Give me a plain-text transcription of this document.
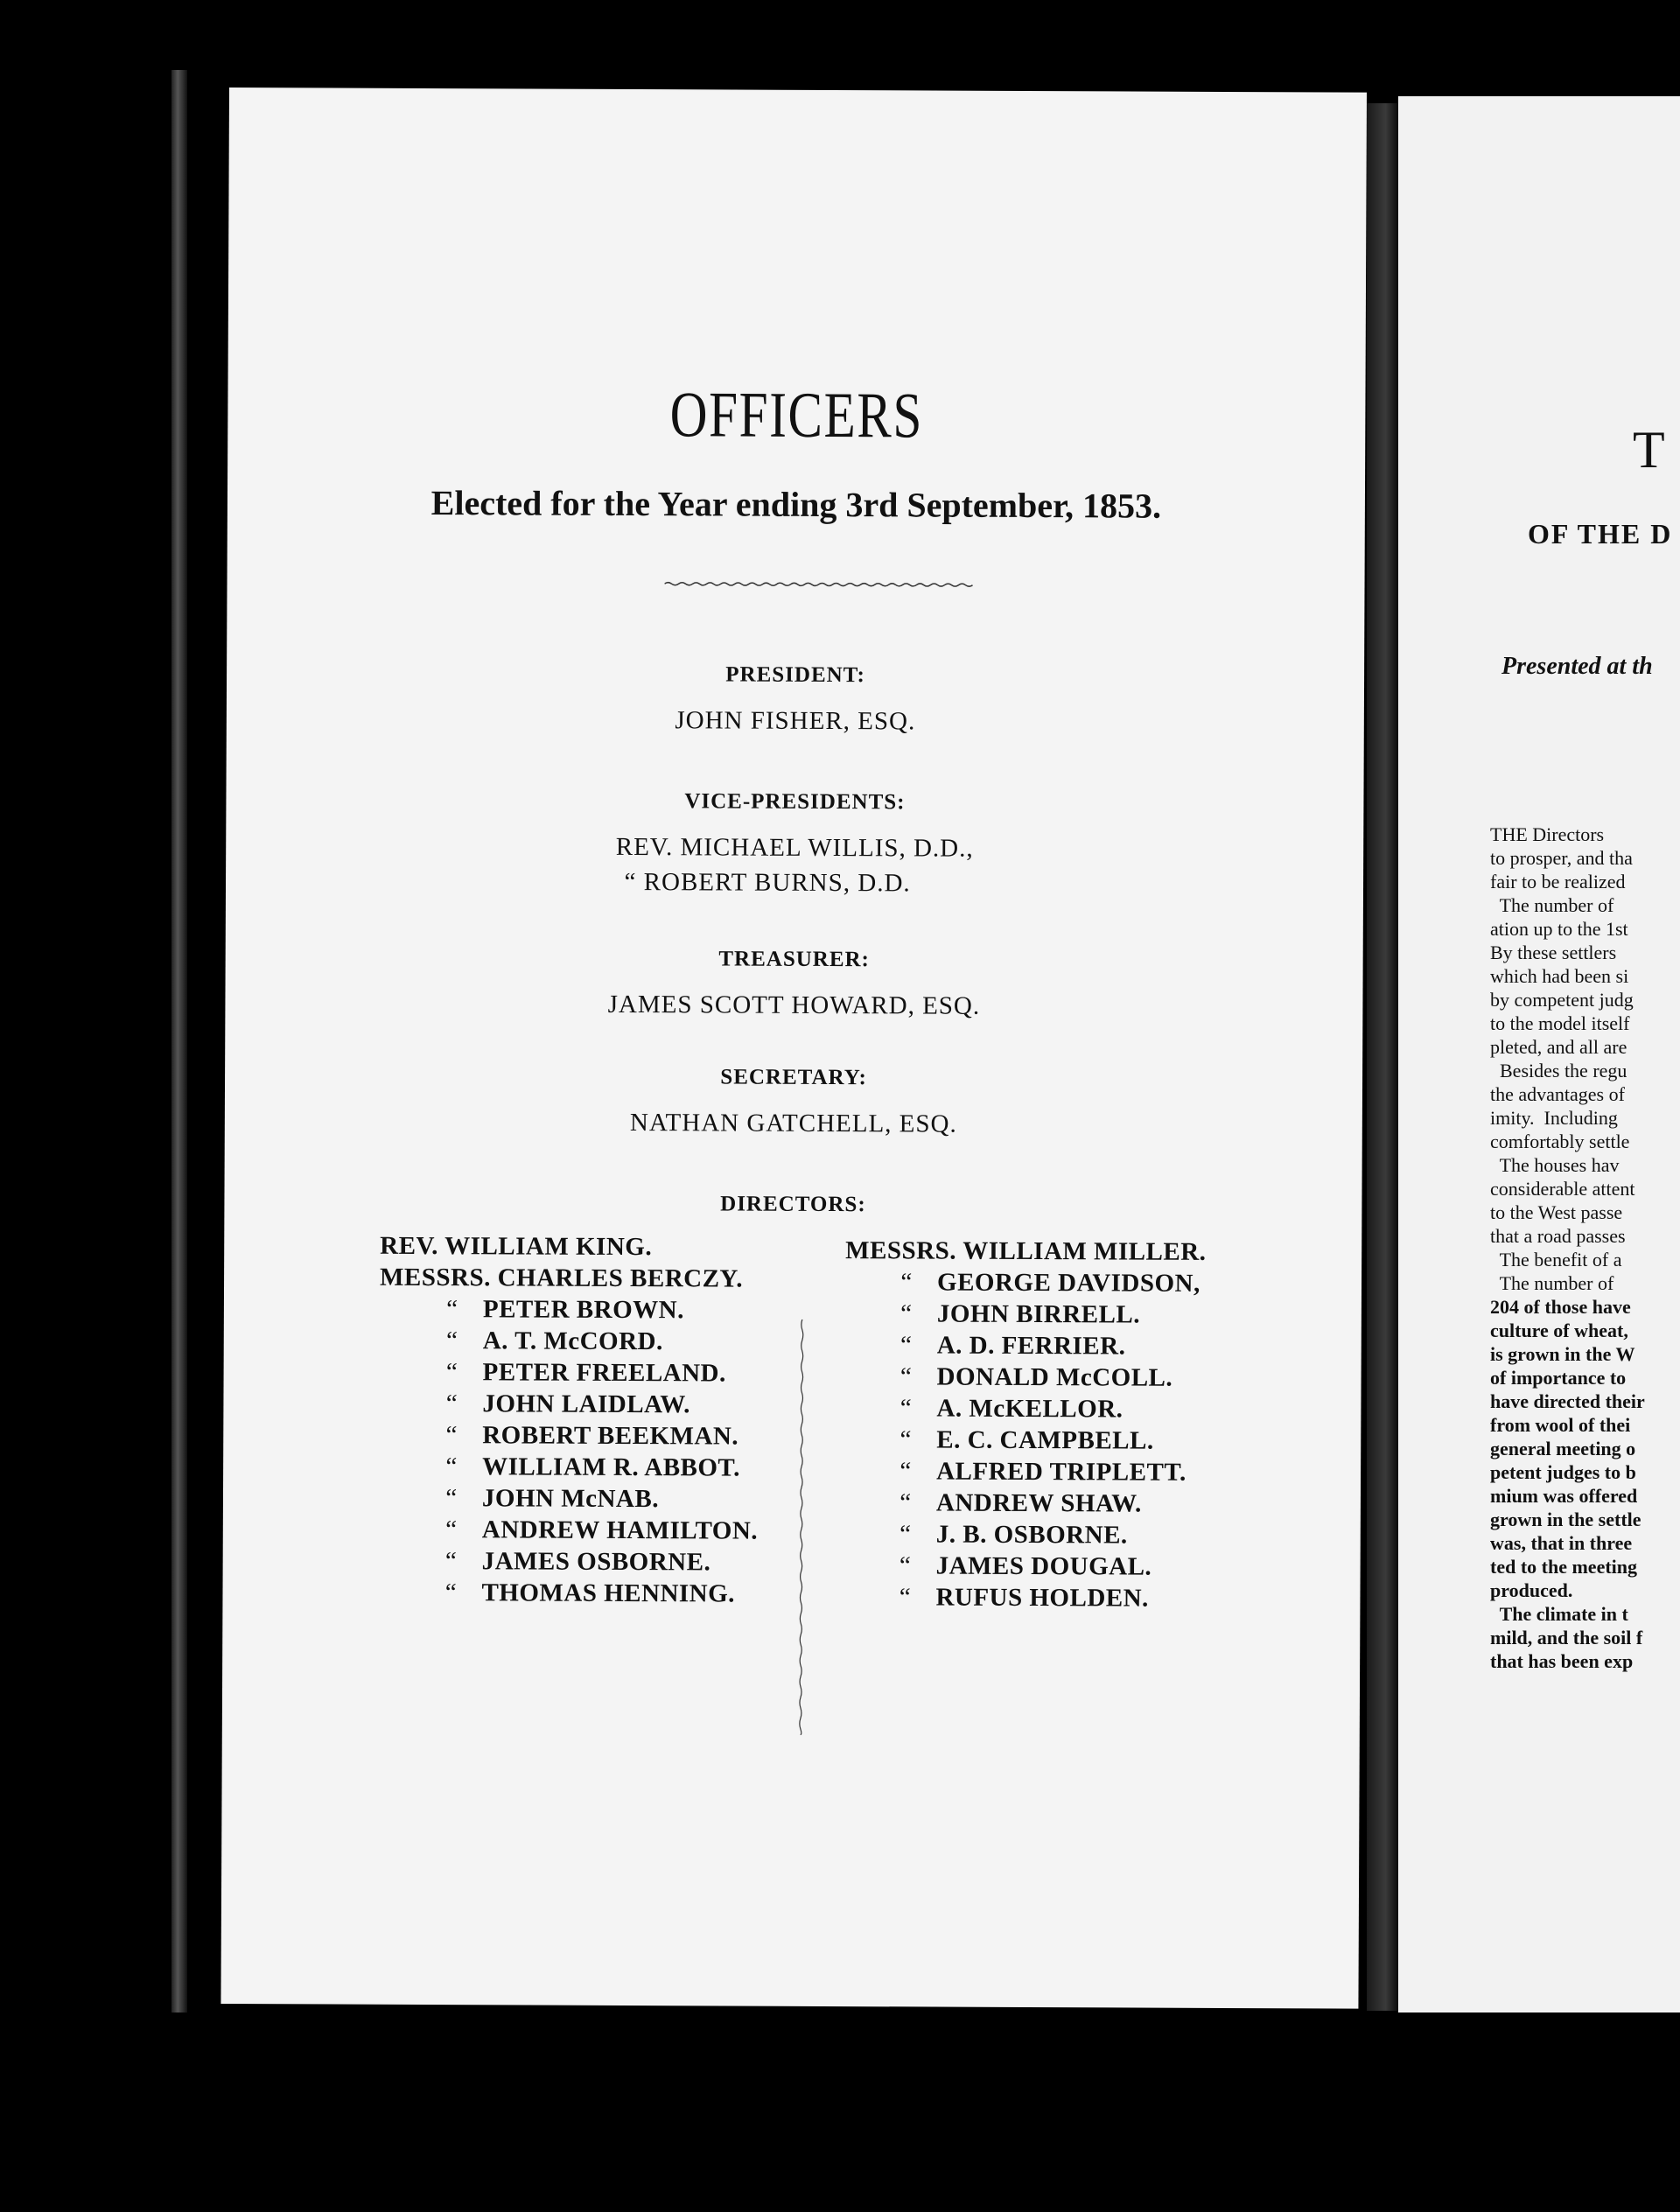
OFFICERS
Elected for the Year ending 3rd September, 1853.
PRESIDENT:
JOHN FISHER, ESQ.
VICE-PRESIDENTS:
REV. MICHAEL WILLIS, D.D.,
“ ROBERT BURNS, D.D.
TREASURER:
JAMES SCOTT HOWARD, ESQ.
SECRETARY:
NATHAN GATCHELL, ESQ.
DIRECTORS:
REV. WILLIAM KING.
MESSRS. CHARLES BERCZY.
“ PETER BROWN.
“ A. T. McCORD.
“ PETER FREELAND.
“ JOHN LAIDLAW.
“ ROBERT BEEKMAN.
“ WILLIAM R. ABBOT.
“ JOHN McNAB.
“ ANDREW HAMILTON.
“ JAMES OSBORNE.
“ THOMAS HENNING.
MESSRS. WILLIAM MILLER.
“ GEORGE DAVIDSON,
“ JOHN BIRRELL.
“ A. D. FERRIER.
“ DONALD McCOLL.
“ A. McKELLOR.
“ E. C. CAMPBELL.
“ ALFRED TRIPLETT.
“ ANDREW SHAW.
“ J. B. OSBORNE.
“ JAMES DOUGAL.
“ RUFUS HOLDEN.
T
OF THE D
Presented at th
THE Directors
to prosper, and tha
fair to be realized
The number of
ation up to the 1st
By these settlers
which had been si
by competent judg
to the model itself
pleted, and all are
Besides the regu
the advantages of
imity.  Including
comfortably settle
The houses hav
considerable attent
to the West passe
that a road passes
The benefit of a
The number of
204 of those have
culture of wheat,
is grown in the W
of importance to
have directed their
from wool of thei
general meeting o
petent judges to b
mium was offered
grown in the settle
was, that in three
ted to the meeting
produced.
The climate in t
mild, and the soil f
that has been exp
